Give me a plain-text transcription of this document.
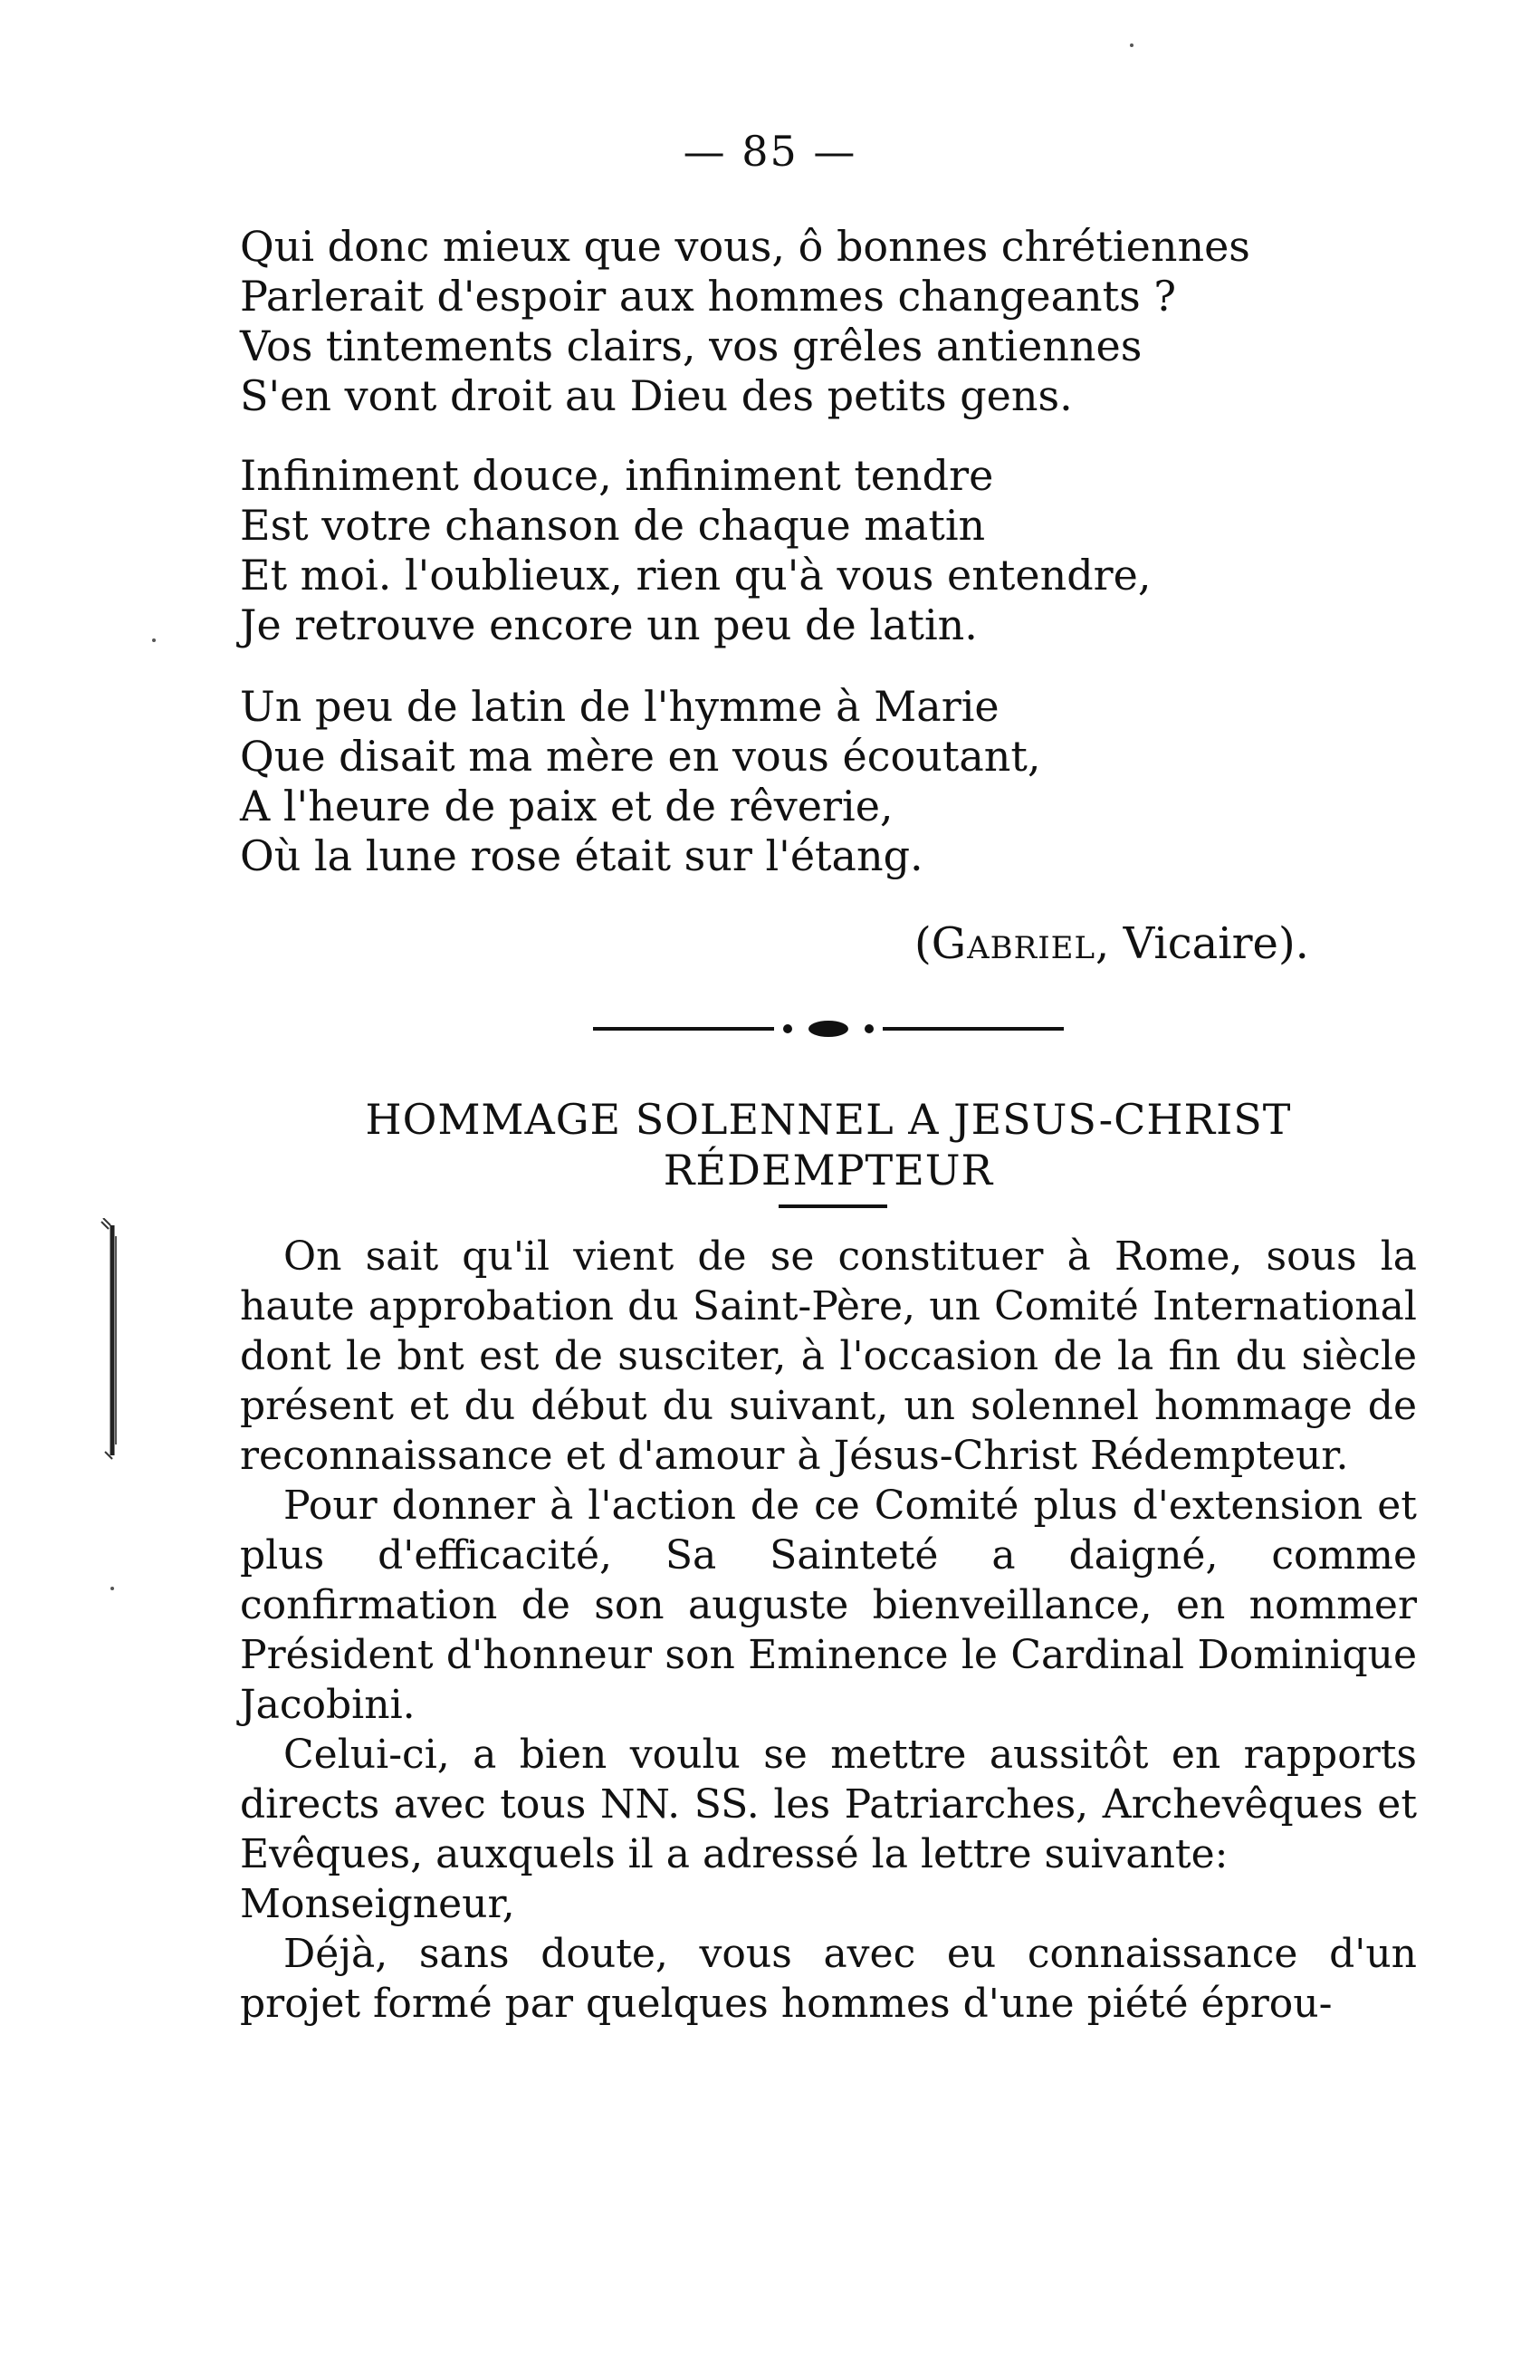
— 85 —
Qui donc mieux que vous, ô bonnes chrétiennes
Parlerait d'espoir aux hommes changeants ?
Vos tintements clairs, vos grêles antiennes
S'en vont droit au Dieu des petits gens.
Infiniment douce, infiniment tendre
Est votre chanson de chaque matin
Et moi. l'oublieux, rien qu'à vous entendre,
Je retrouve encore un peu de latin.
Un peu de latin de l'hymme à Marie
Que disait ma mère en vous écoutant,
A l'heure de paix et de rêverie,
Où la lune rose était sur l'étang.
(Gabriel, Vicaire).
HOMMAGE SOLENNEL A JESUS-CHRIST
RÉDEMPTEUR

On sait qu'il vient de se constituer à Rome, sous la haute approbation du Saint-Père, un Comité International dont le bnt est de susciter, à l'occasion de la fin du siècle présent et du début du suivant, un solennel hommage de reconnaissance et d'amour à Jésus-Christ Rédempteur.

Pour donner à l'action de ce Comité plus d'extension et plus d'efficacité, Sa Sainteté a daigné, comme confirmation de son auguste bienveillance, en nommer Président d'honneur son Eminence le Cardinal Dominique Jacobini.

Celui-ci, a bien voulu se mettre aussitôt en rapports directs avec tous NN. SS. les Patriarches, Archevêques et Evêques, auxquels il a adressé la lettre suivante:

Monseigneur,

Déjà, sans doute, vous avec eu connaissance d'un projet formé par quelques hommes d'une piété éprou-
